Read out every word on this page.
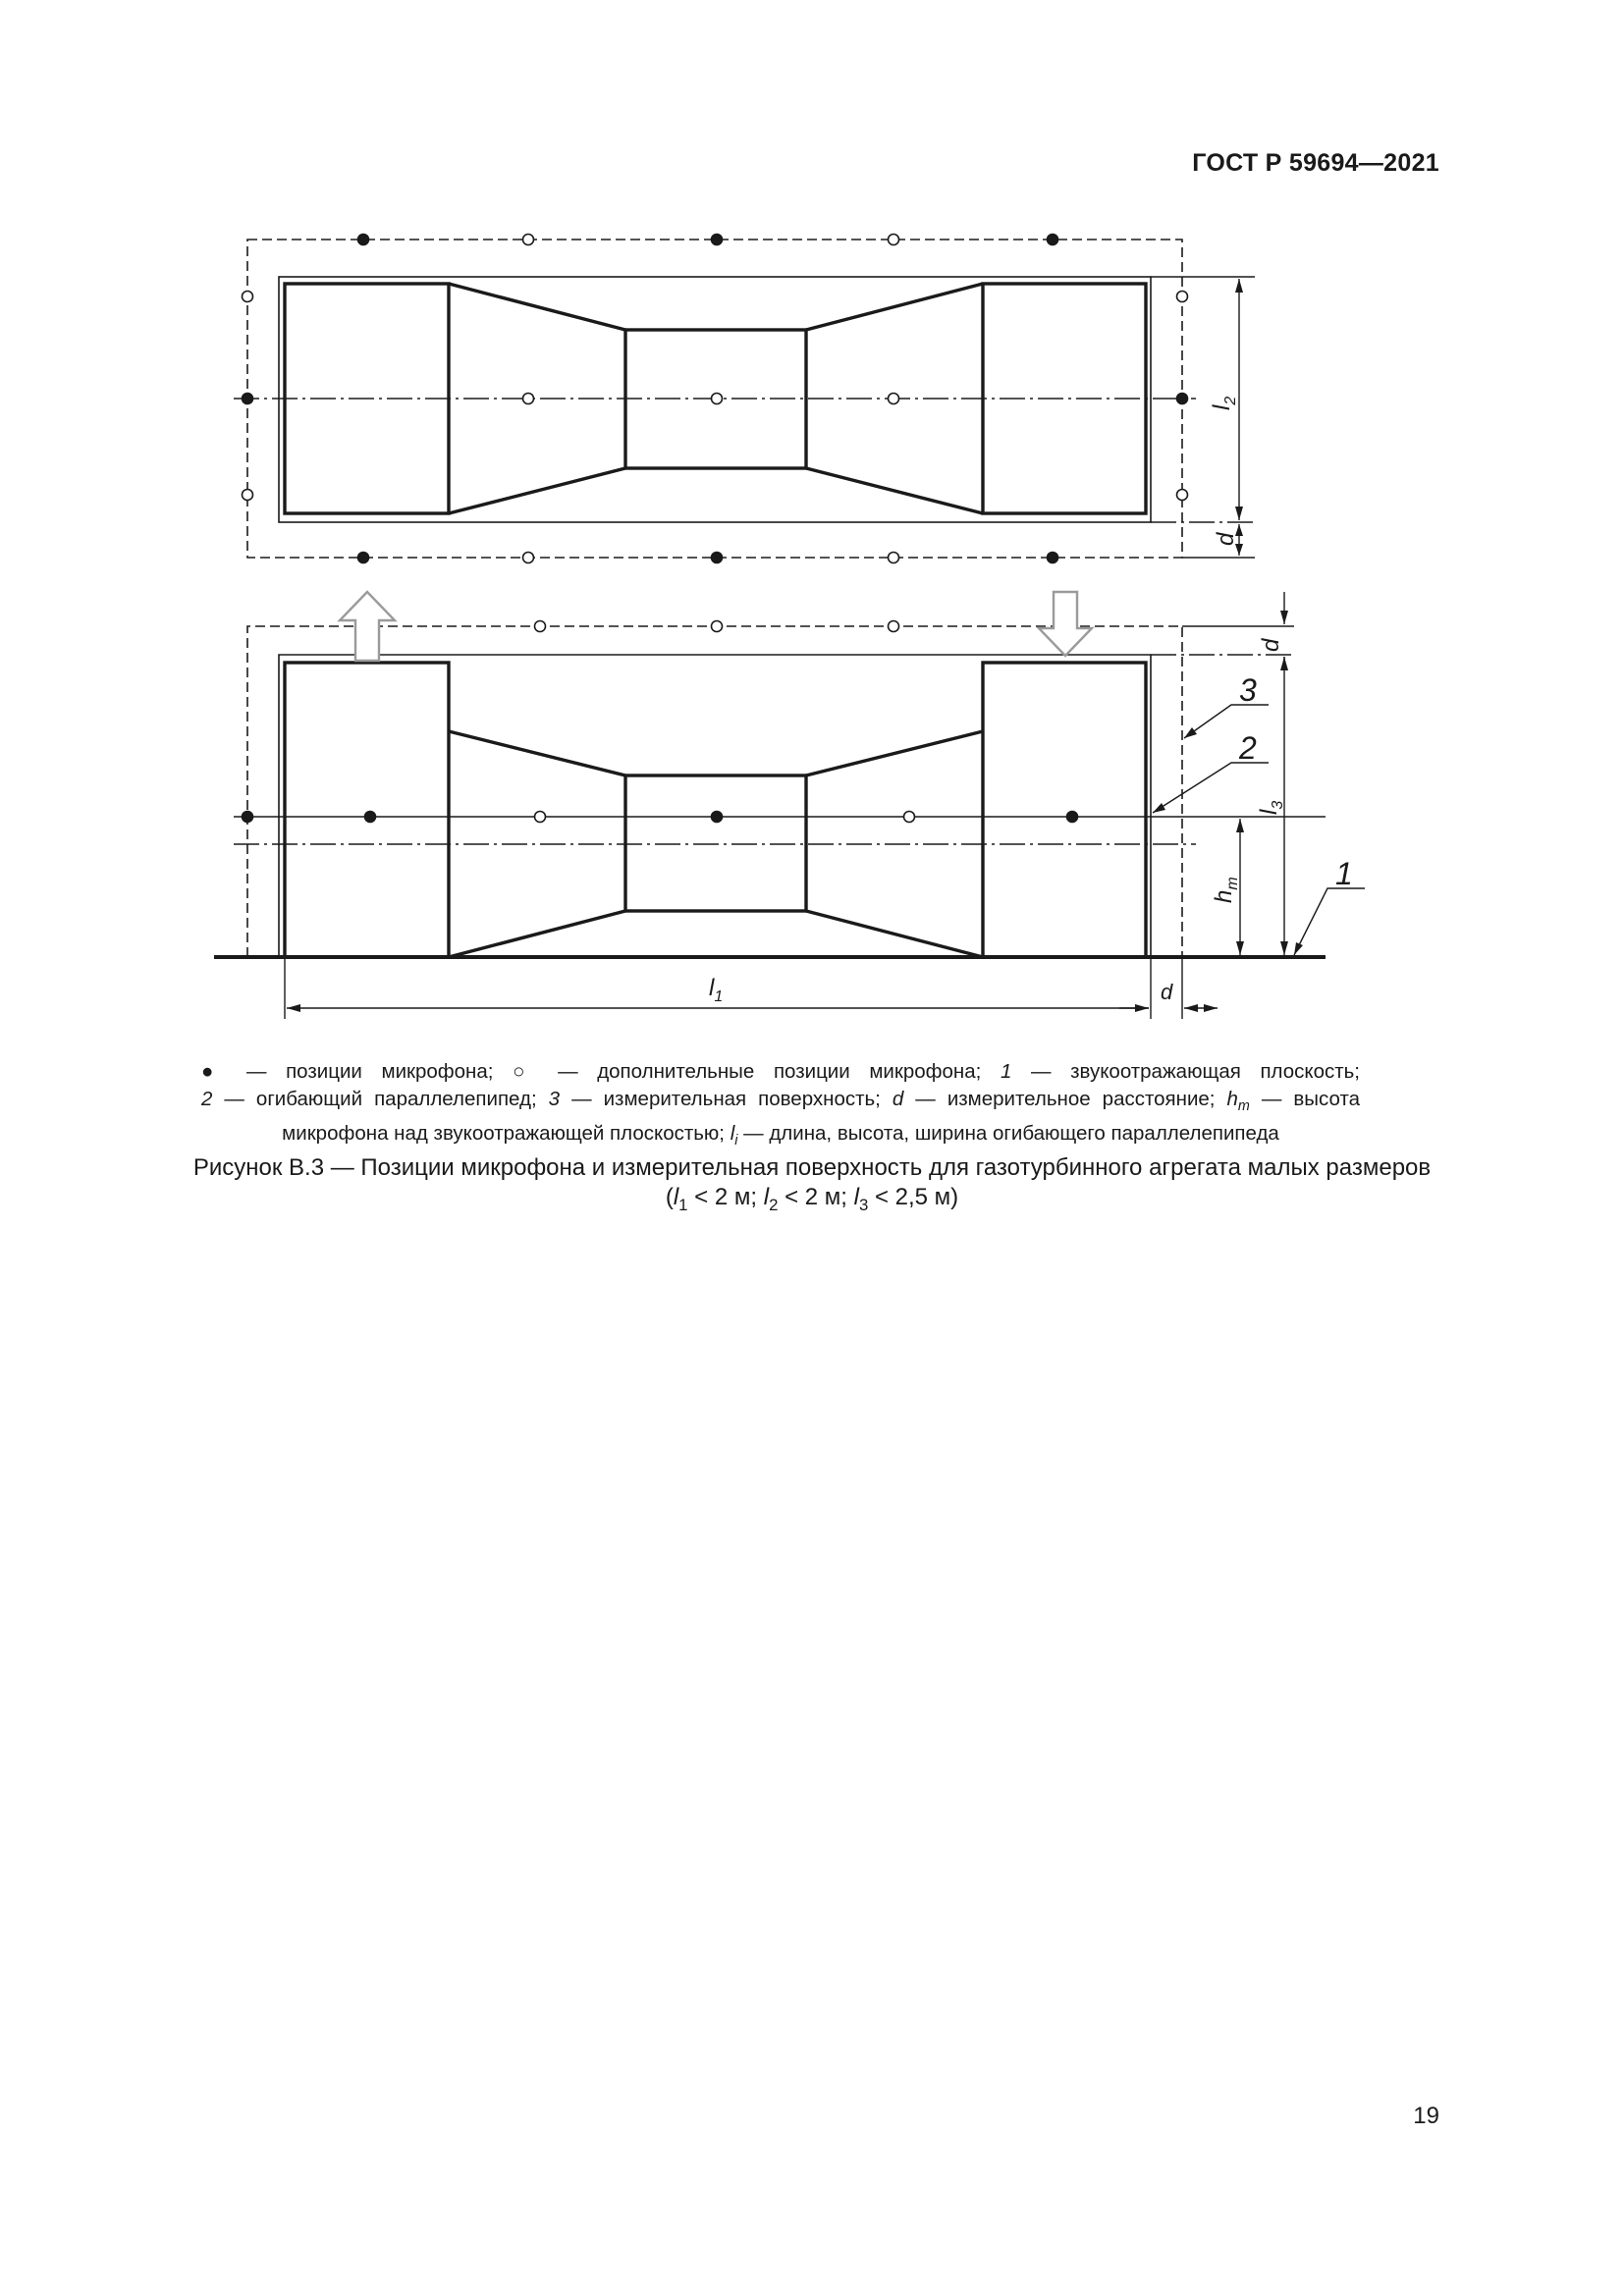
ГОСТ Р 59694—2021
$l_2$
d
d
$l_3$
$h_m$
$l_1$	d
3
2
1
● — позиции микрофона; ○ — дополнительные позиции микрофона; 1 — звукоотражающая плоскость;
2 — огибающий параллелепипед; 3 — измерительная поверхность; d — измерительное расстояние; $h_m$ — высота
микрофона над звукоотражающей плоскостью; $l_i$ — длина, высота, ширина огибающего параллелепипеда
Рисунок В.3 — Позиции микрофона и измерительная поверхность для газотурбинного агрегата малых размеров
($l_1 < 2$ м; $l_2 < 2$ м; $l_3 < 2,5$ м)
19
